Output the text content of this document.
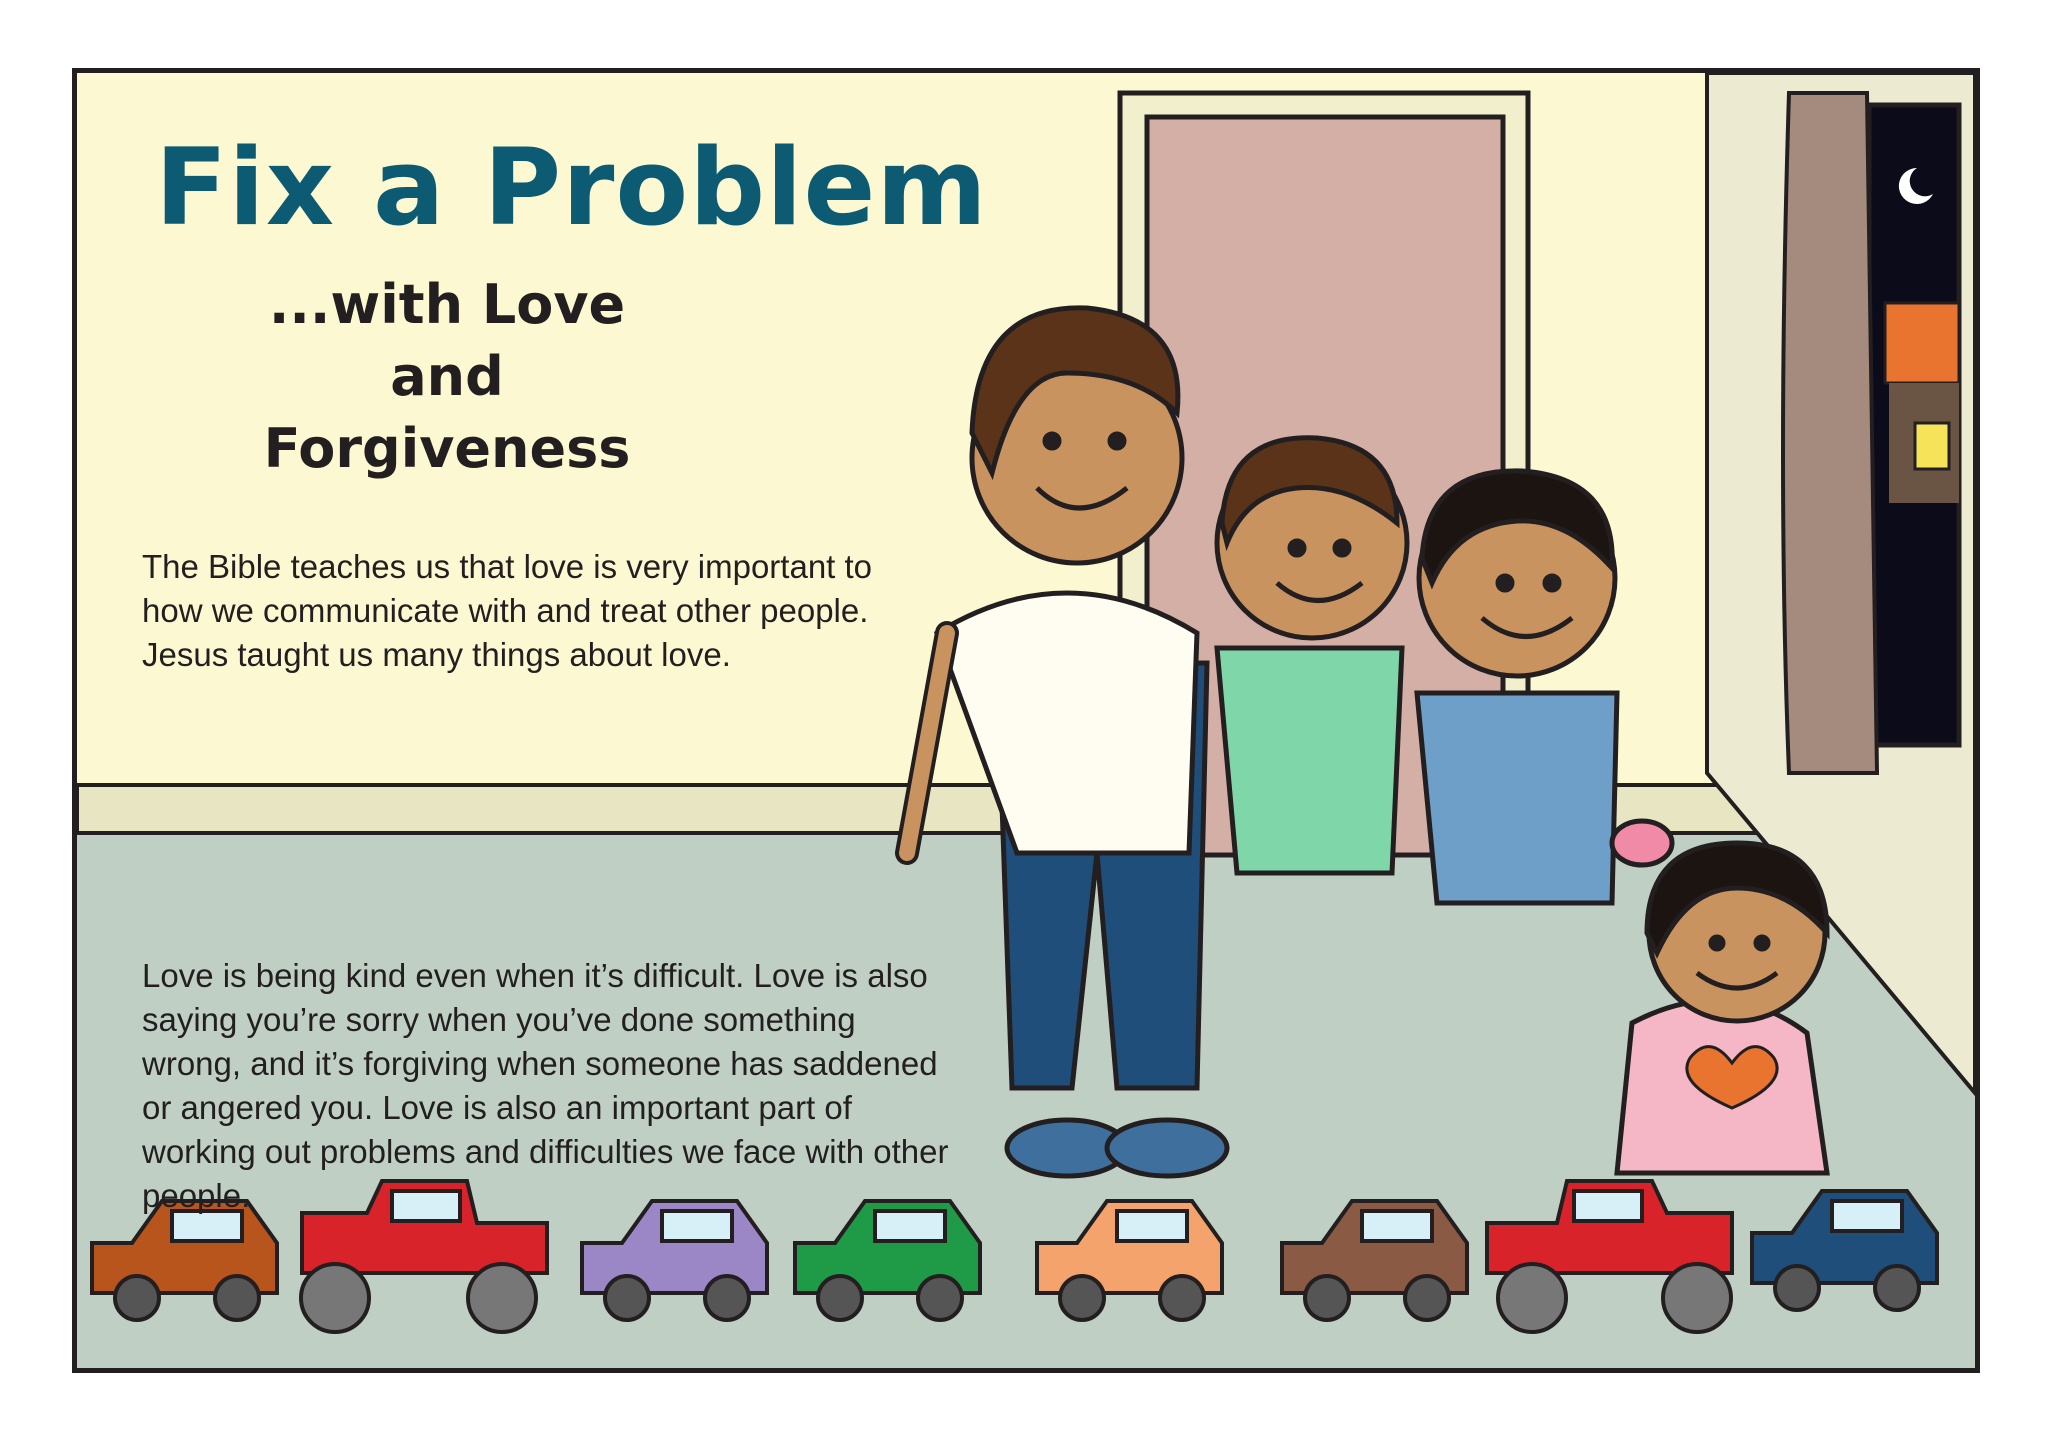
Fix a Problem
...with Love and
Forgiveness

The Bible teaches us that love is very important to how we communicate with and treat other people. Jesus taught us many things about love.

Love is being kind even when it’s difficult. Love is also saying you’re sorry when you’ve done something wrong, and it’s forgiving when someone has saddened or angered you. Love is also an important part of working out problems and difficulties we face with other people.
